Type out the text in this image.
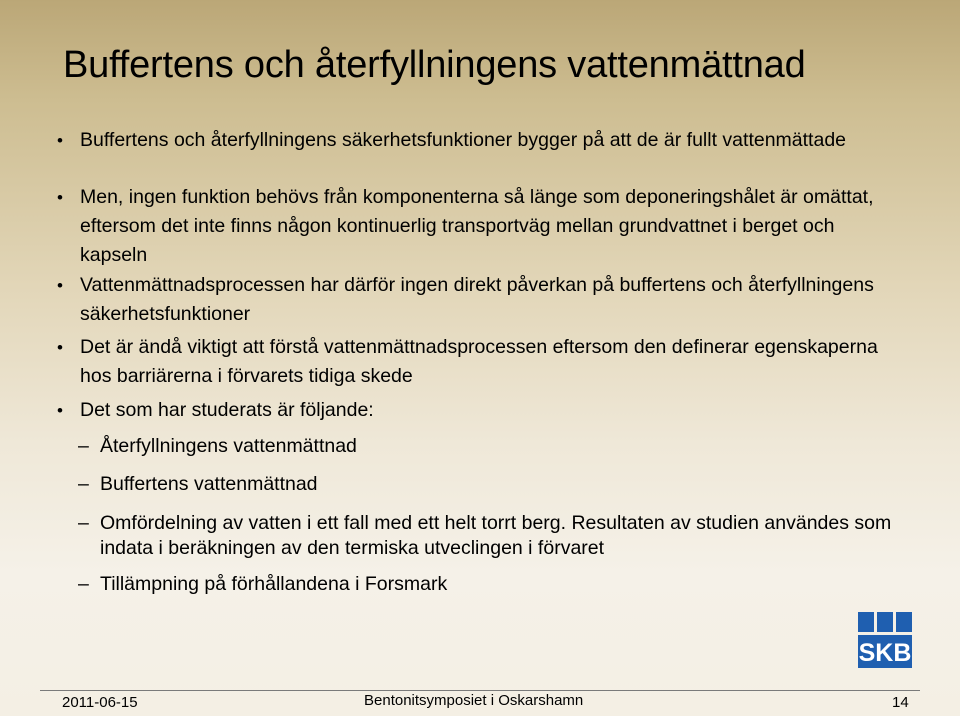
Buffertens och återfyllningens vattenmättnad
• Buffertens och återfyllningens säkerhetsfunktioner bygger på att de är fullt vattenmättade
• Men, ingen funktion behövs från komponenterna så länge som deponeringshålet är omättat, eftersom det inte finns någon kontinuerlig transportväg mellan grundvattnet i berget och kapseln
• Vattenmättnadsprocessen har därför ingen direkt påverkan på buffertens och återfyllningens säkerhetsfunktioner
• Det är ändå viktigt att förstå vattenmättnadsprocessen eftersom den definerar egenskaperna hos barriärerna i förvarets tidiga skede
• Det som har studerats är följande:
– Återfyllningens vattenmättnad
– Buffertens vattenmättnad
– Omfördelning av vatten i ett fall med ett helt torrt berg. Resultaten av studien användes som indata i beräkningen av den termiska utveclingen i förvaret
– Tillämpning på förhållandena i Forsmark
SKB
2011-06-15	Bentonitsymposiet i Oskarshamn	14
